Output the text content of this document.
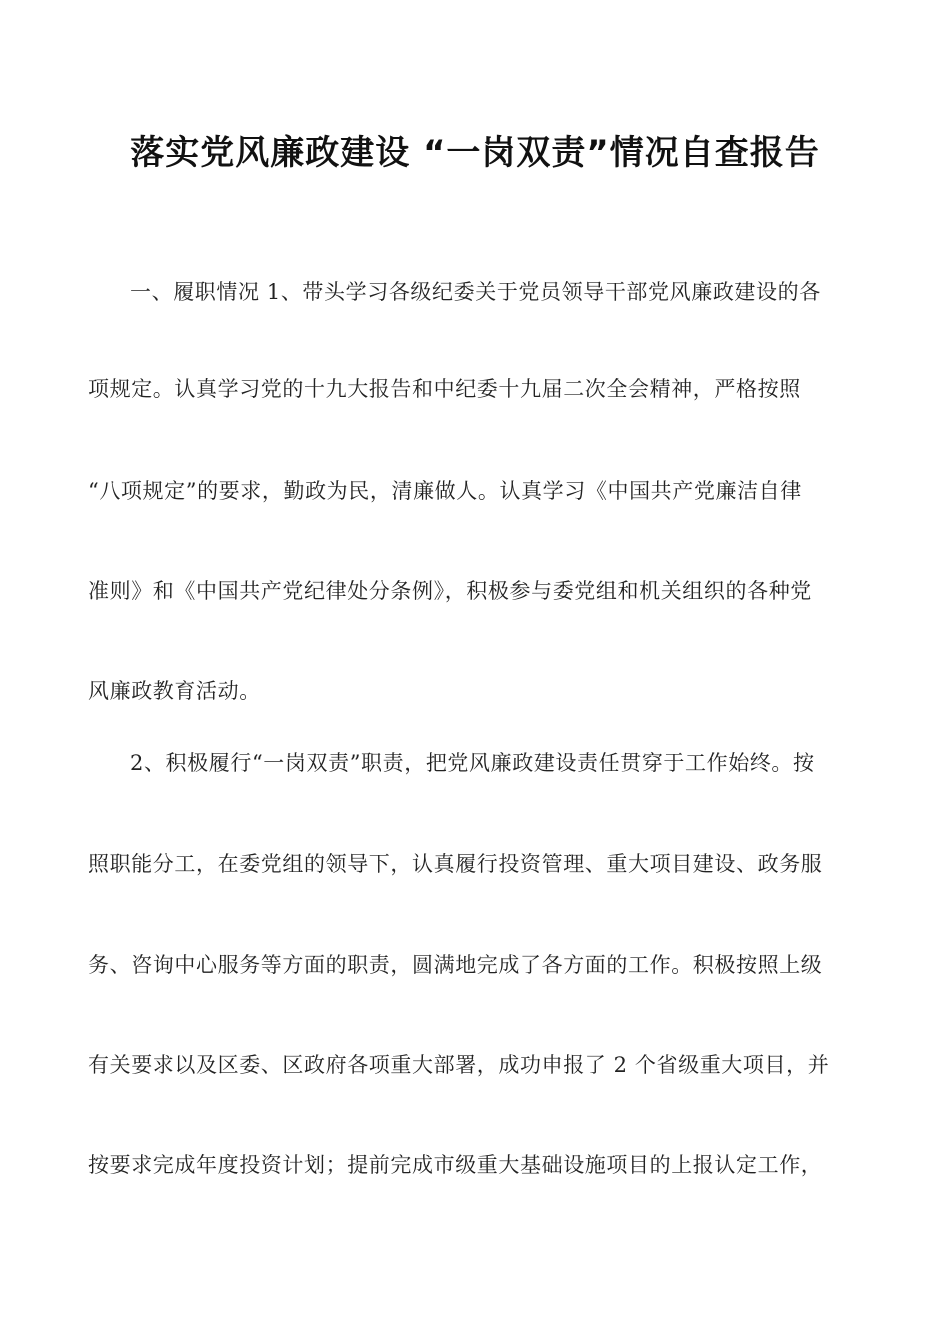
落实党风廉政建设 “一岗双责”情况自查报告
一、履职情况 1、带头学习各级纪委关于党员领导干部党风廉政建设的各
项规定。认真学习党的十九大报告和中纪委十九届二次全会精神，严格按照
“八项规定”的要求，勤政为民，清廉做人。认真学习《中国共产党廉洁自律
准则》和《中国共产党纪律处分条例》，积极参与委党组和机关组织的各种党
风廉政教育活动。
2、积极履行“一岗双责”职责，把党风廉政建设责任贯穿于工作始终。按
照职能分工，在委党组的领导下，认真履行投资管理、重大项目建设、政务服
务、咨询中心服务等方面的职责，圆满地完成了各方面的工作。积极按照上级
有关要求以及区委、区政府各项重大部署，成功申报了 2 个省级重大项目，并
按要求完成年度投资计划；提前完成市级重大基础设施项目的上报认定工作，
